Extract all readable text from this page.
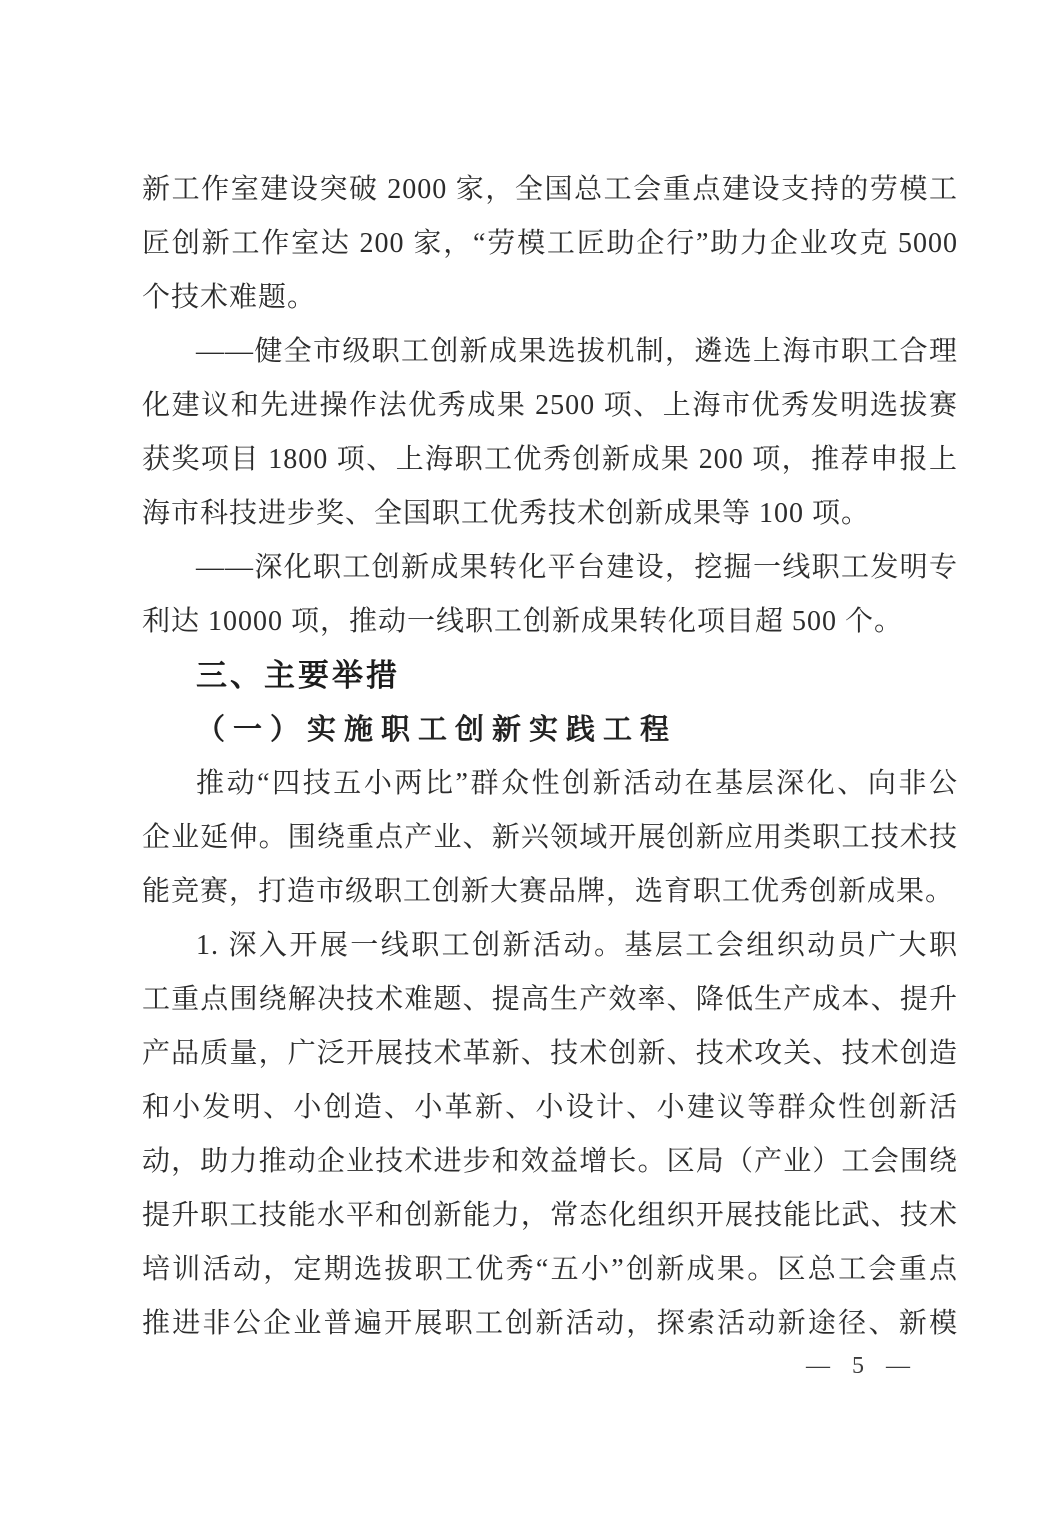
新工作室建设突破 2000 家，全国总工会重点建设支持的劳模工
匠创新工作室达 200 家，“劳模工匠助企行”助力企业攻克 5000
个技术难题。
——健全市级职工创新成果选拔机制，遴选上海市职工合理
化建议和先进操作法优秀成果 2500 项、上海市优秀发明选拔赛
获奖项目 1800 项、上海职工优秀创新成果 200 项，推荐申报上
海市科技进步奖、全国职工优秀技术创新成果等 100 项。
——深化职工创新成果转化平台建设，挖掘一线职工发明专
利达 10000 项，推动一线职工创新成果转化项目超 500 个。
三、主要举措
（一）实施职工创新实践工程
推动“四技五小两比”群众性创新活动在基层深化、向非公
企业延伸。围绕重点产业、新兴领域开展创新应用类职工技术技
能竞赛，打造市级职工创新大赛品牌，选育职工优秀创新成果。
1. 深入开展一线职工创新活动。基层工会组织动员广大职
工重点围绕解决技术难题、提高生产效率、降低生产成本、提升
产品质量，广泛开展技术革新、技术创新、技术攻关、技术创造
和小发明、小创造、小革新、小设计、小建议等群众性创新活
动，助力推动企业技术进步和效益增长。区局（产业）工会围绕
提升职工技能水平和创新能力，常态化组织开展技能比武、技术
培训活动，定期选拔职工优秀“五小”创新成果。区总工会重点
推进非公企业普遍开展职工创新活动，探索活动新途径、新模
— 5 —
